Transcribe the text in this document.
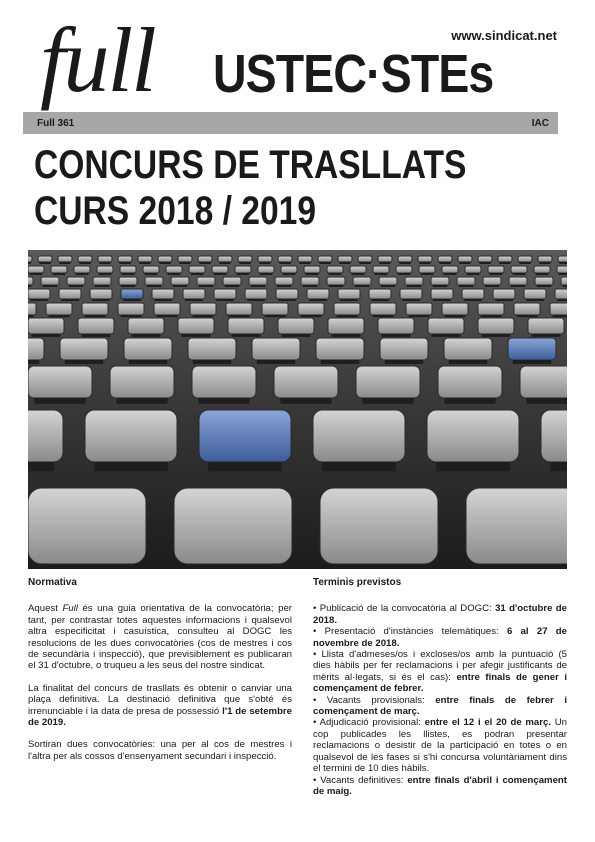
full USTEC·STEs
www.sindicat.net
Full 361	IAC
CONCURS DE TRASLLATS
CURS 2018 / 2019
Normativa

Aquest Full és una guia orientativa de la convocatòria; per tant, per contrastar totes aquestes informacions i qualsevol altra especificitat i casuística, consulteu al DOGC les resolucions de les dues convocatòries (cos de mestres i cos de secundària i inspecció), que previsiblement es publicaran el 31 d'octubre, o truqueu a les seus del nostre sindicat.

La finalitat del concurs de trasllats és obtenir o canviar una plaça definitiva. La destinació definitiva que s'obté és irrenunciable i la data de presa de possessió l'1 de setembre de 2019.

Sortiran dues convocatòries: una per al cos de mestres i l'altra per als cossos d'ensenyament secundari i inspecció.

Terminis previstos
• Publicació de la convocatòria al DOGC: 31 d'octubre de 2018.
• Presentació d'instàncies telemàtiques: 6 al 27 de novembre de 2018.
• Llista d'admeses/os i excloses/os amb la puntuació (5 dies hàbils per fer reclamacions i per afegir justificants de mèrits al·legats, si és el cas): entre finals de gener i començament de febrer.
• Vacants provisionals: entre finals de febrer i començament de març.
• Adjudicació provisional: entre el 12 i el 20 de març. Un cop publicades les llistes, es podran presentar reclamacions o desistir de la participació en totes o en qualsevol de les fases si s'hi concursa voluntàriament dins el termini de 10 dies hàbils.
• Vacants definitives: entre finals d'abril i començament de maig.
